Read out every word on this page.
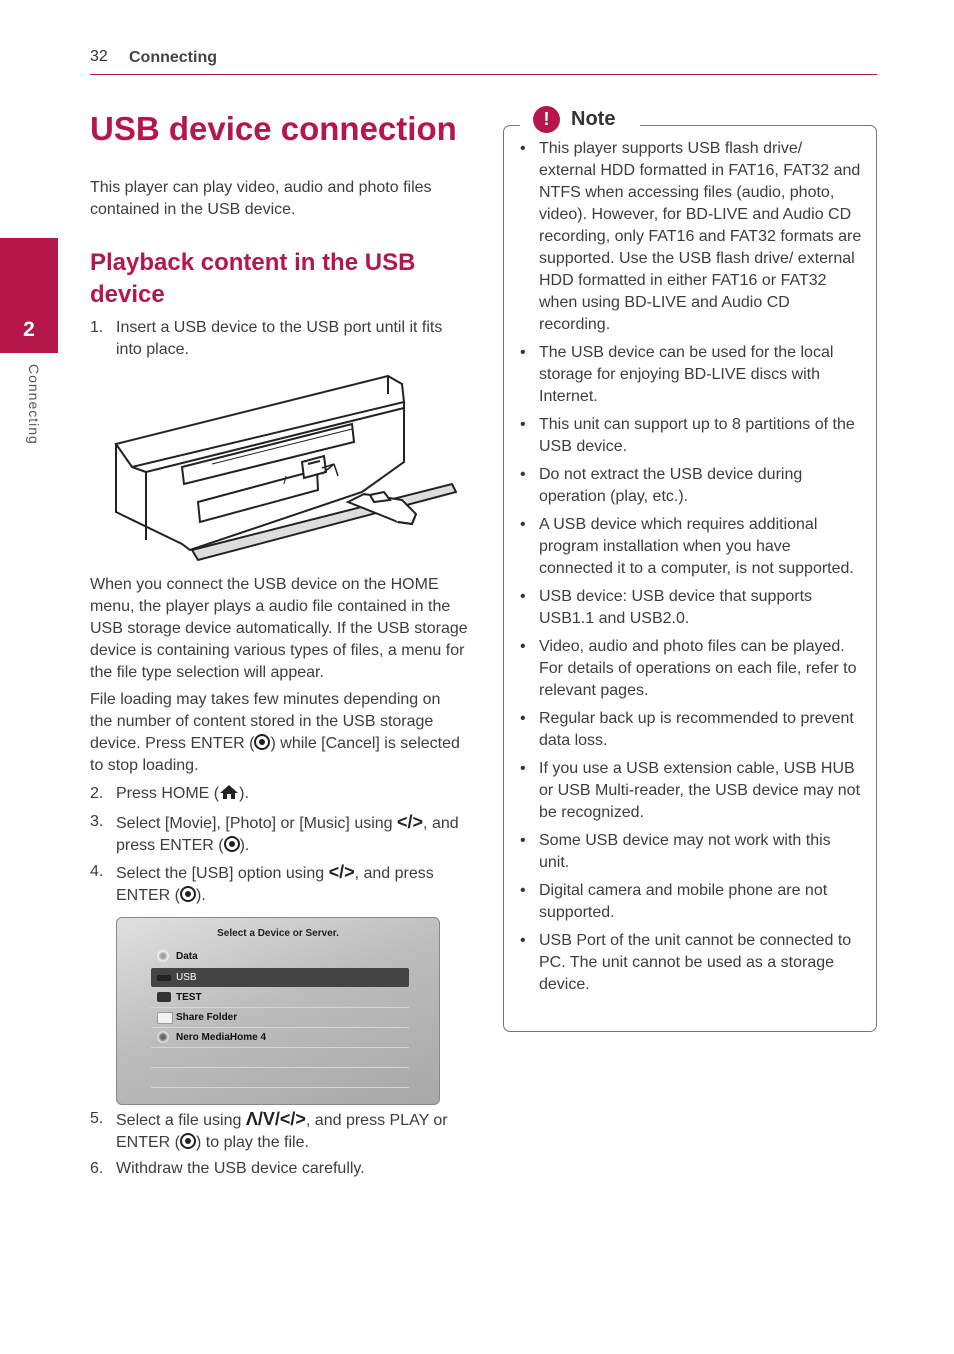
32 Connecting
2
Connecting
USB device connection
This player can play video, audio and photo files contained in the USB device.
Playback content in the USB device
1. Insert a USB device to the USB port until it fits into place.
When you connect the USB device on the HOME menu, the player plays a audio file contained in the USB storage device automatically. If the USB storage device is containing various types of files, a menu for the file type selection will appear.
File loading may takes few minutes depending on the number of content stored in the USB storage device. Press ENTER ( ) while [Cancel] is selected to stop loading.
2. Press HOME ( ).
3. Select [Movie], [Photo] or [Music] using </>, and press ENTER ( ).
4. Select the [USB] option using </>, and press ENTER ( ).
Select a Device or Server.
Data
USB
TEST
Share Folder
Nero MediaHome 4
5. Select a file using Λ/V/</>, and press PLAY or ENTER ( ) to play the file.
6. Withdraw the USB device carefully.
!	Note
• This player supports USB flash drive/ external HDD formatted in FAT16, FAT32 and NTFS when accessing files (audio, photo, video). However, for BD-LIVE and Audio CD recording, only FAT16 and FAT32 formats are supported. Use the USB flash drive/ external HDD formatted in either FAT16 or FAT32 when using BD-LIVE and Audio CD recording.
• The USB device can be used for the local storage for enjoying BD-LIVE discs with Internet.
• This unit can support up to 8 partitions of the USB device.
• Do not extract the USB device during operation (play, etc.).
• A USB device which requires additional program installation when you have connected it to a computer, is not supported.
• USB device: USB device that supports USB1.1 and USB2.0.
• Video, audio and photo files can be played. For details of operations on each file, refer to relevant pages.
• Regular back up is recommended to prevent data loss.
• If you use a USB extension cable, USB HUB or USB Multi-reader, the USB device may not be recognized.
• Some USB device may not work with this unit.
• Digital camera and mobile phone are not supported.
• USB Port of the unit cannot be connected to PC. The unit cannot be used as a storage device.
